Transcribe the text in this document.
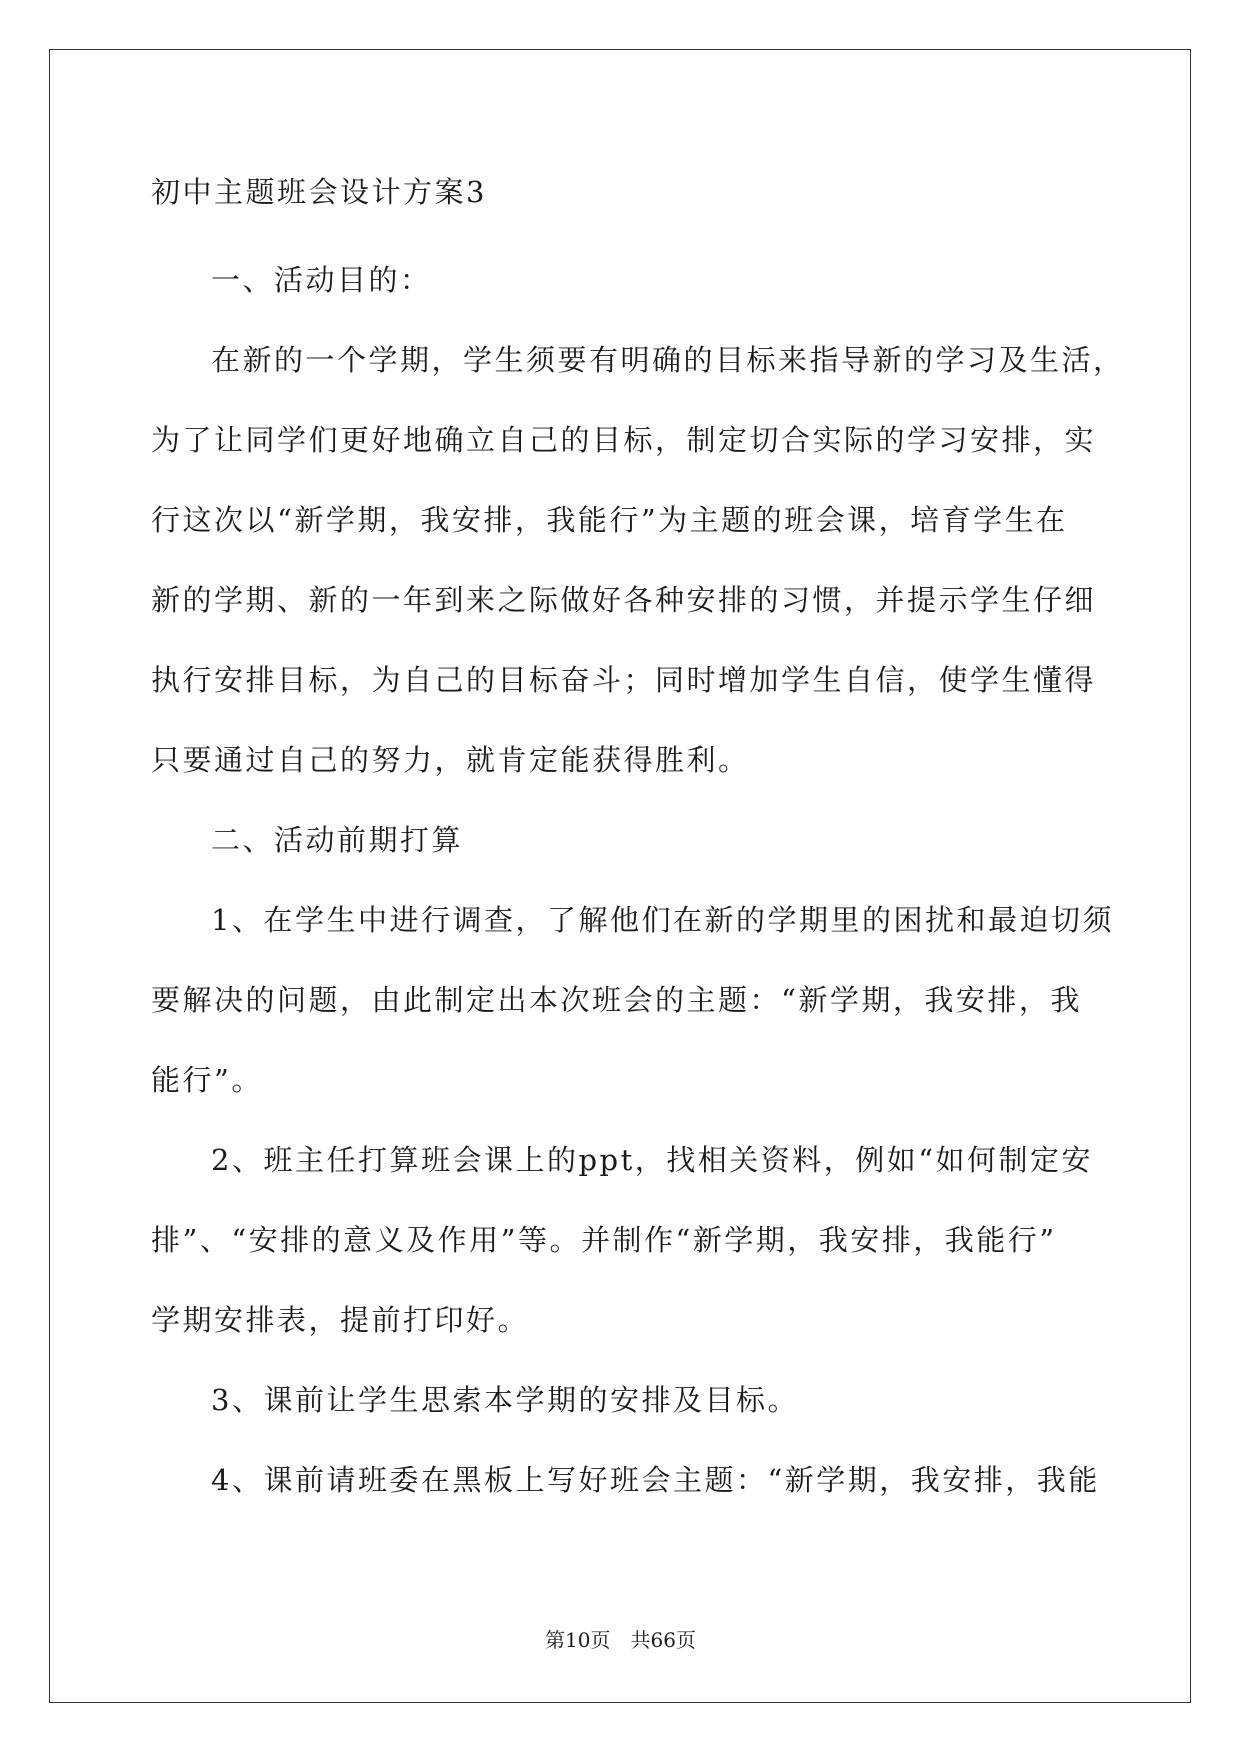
初中主题班会设计方案3
一、活动目的：
在新的一个学期，学生须要有明确的目标来指导新的学习及生活，
为了让同学们更好地确立自己的目标，制定切合实际的学习安排，实
行这次以“新学期，我安排，我能行”为主题的班会课，培育学生在
新的学期、新的一年到来之际做好各种安排的习惯，并提示学生仔细
执行安排目标，为自己的目标奋斗；同时增加学生自信，使学生懂得
只要通过自己的努力，就肯定能获得胜利。
二、活动前期打算
1、在学生中进行调查，了解他们在新的学期里的困扰和最迫切须
要解决的问题，由此制定出本次班会的主题：“新学期，我安排，我
能行”。
2、班主任打算班会课上的ppt，找相关资料，例如“如何制定安
排”、“安排的意义及作用”等。并制作“新学期，我安排，我能行”
学期安排表，提前打印好。
3、课前让学生思索本学期的安排及目标。
4、课前请班委在黑板上写好班会主题：“新学期，我安排，我能
第10页　共66页
